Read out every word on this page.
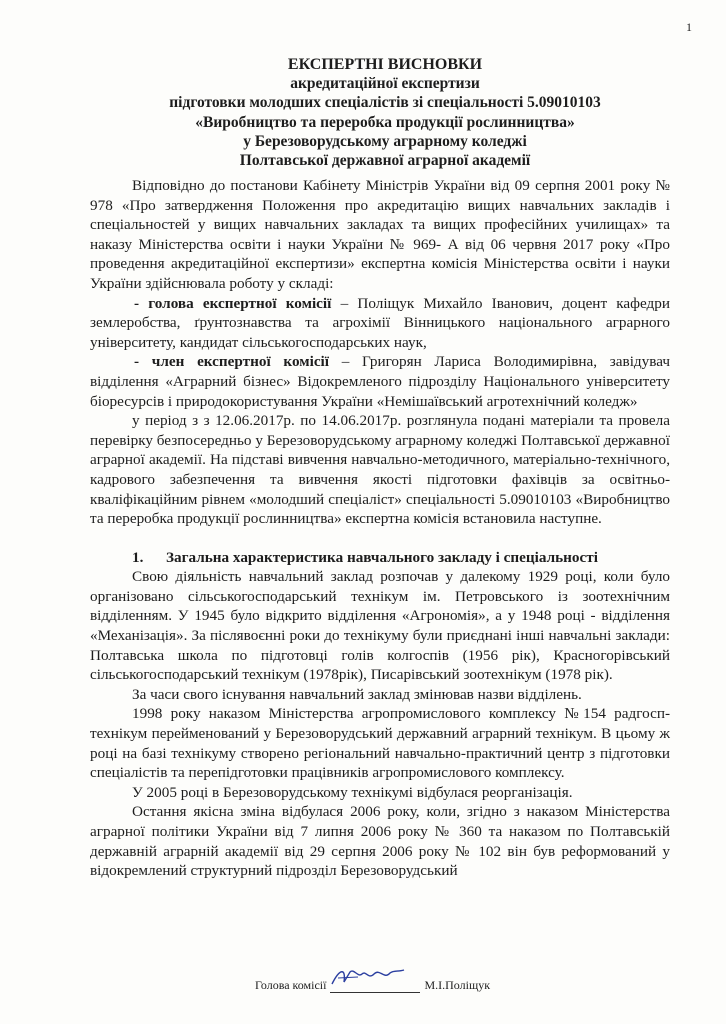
1
ЕКСПЕРТНІ ВИСНОВКИ
акредитаційної експертизи
підготовки молодших спеціалістів зі спеціальності 5.09010103
«Виробництво та переробка продукції рослинництва»
у Березоворудському аграрному коледжі
Полтавської державної аграрної академії

Відповідно до постанови Кабінету Міністрів України від 09 серпня 2001 року № 978 «Про затвердження Положення про акредитацію вищих навчальних закладів і спеціальностей у вищих навчальних закладах та вищих професійних училищах» та наказу Міністерства освіти і науки України № 969- А від 06 червня 2017 року «Про проведення акредитаційної експертизи» експертна комісія Міністерства освіти і науки України здійснювала роботу у складі:

- голова експертної комісії – Поліщук Михайло Іванович, доцент кафедри землеробства, ґрунтознавства та агрохімії Вінницького національного аграрного університету, кандидат сільськогосподарських наук,

- член експертної комісії – Григорян Лариса Володимирівна, завідувач відділення «Аграрний бізнес» Відокремленого підрозділу Національного університету біоресурсів і природокористування України «Немішаївський агротехнічний коледж»

у період з з 12.06.2017р. по 14.06.2017р. розглянула подані матеріали та провела перевірку безпосередньо у Березоворудському аграрному коледжі Полтавської державної аграрної академії. На підставі вивчення навчально-методичного, матеріально-технічного, кадрового забезпечення та вивчення якості підготовки фахівців за освітньо-кваліфікаційним рівнем «молодший спеціаліст» спеціальності 5.09010103 «Виробництво та переробка продукції рослинництва» експертна комісія встановила наступне.

1. Загальна характеристика навчального закладу і спеціальності

Свою діяльність навчальний заклад розпочав у далекому 1929 році, коли було організовано сільськогосподарський технікум ім. Петровського із зоотехнічним відділенням. У 1945 було відкрито відділення «Агрономія», а у 1948 році - відділення «Механізація». За післявоєнні роки до технікуму були приєднані інші навчальні заклади: Полтавська школа по підготовці голів колгоспів (1956 рік), Красногорівський сільськогосподарський технікум (1978рік), Писарівський зоотехнікум (1978 рік).

За часи свого існування навчальний заклад змінював назви відділень.

1998 року наказом Міністерства агропромислового комплексу №154 радгосп-технікум перейменований у Березоворудський державний аграрний технікум. В цьому ж році на базі технікуму створено регіональний навчально-практичний центр з підготовки спеціалістів та перепідготовки працівників агропромислового комплексу.

У 2005 році в Березоворудському технікумі відбулася реорганізація.

Остання якісна зміна відбулася 2006 року, коли, згідно з наказом Міністерства аграрної політики України від 7 липня 2006 року № 360 та наказом по Полтавській державній аграрній академії від 29 серпня 2006 року № 102 він був реформований у відокремлений структурний підрозділ Березоворудський

Голова комісії	М.І.Поліщук
